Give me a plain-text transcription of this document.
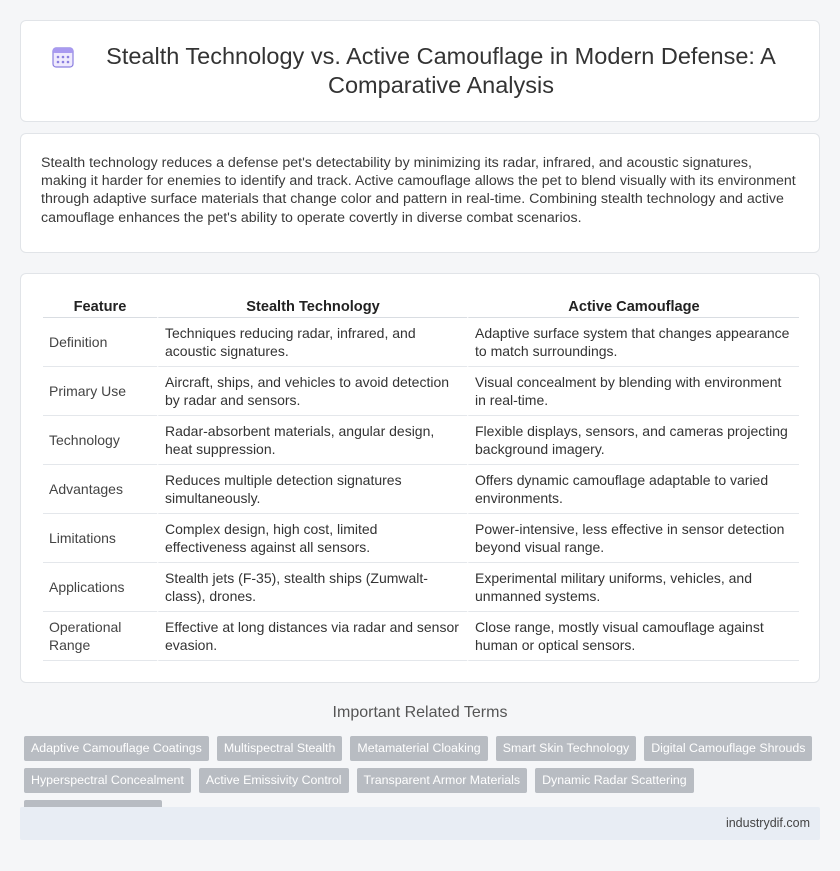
Stealth Technology vs. Active Camouflage in Modern Defense: A Comparative Analysis

Stealth technology reduces a defense pet's detectability by minimizing its radar, infrared, and acoustic signatures, making it harder for enemies to identify and track. Active camouflage allows the pet to blend visually with its environment through adaptive surface materials that change color and pattern in real-time. Combining stealth technology and active camouflage enhances the pet's ability to operate covertly in diverse combat scenarios.

Feature	Stealth Technology	Active Camouflage
Definition	Techniques reducing radar, infrared, and acoustic signatures.	Adaptive surface system that changes appearance to match surroundings.
Primary Use	Aircraft, ships, and vehicles to avoid detection by radar and sensors.	Visual concealment by blending with environment in real-time.
Technology	Radar-absorbent materials, angular design, heat suppression.	Flexible displays, sensors, and cameras projecting background imagery.
Advantages	Reduces multiple detection signatures simultaneously.	Offers dynamic camouflage adaptable to varied environments.
Limitations	Complex design, high cost, limited effectiveness against all sensors.	Power-intensive, less effective in sensor detection beyond visual range.
Applications	Stealth jets (F-35), stealth ships (Zumwalt-class), drones.	Experimental military uniforms, vehicles, and unmanned systems.
Operational Range	Effective at long distances via radar and sensor evasion.	Close range, mostly visual camouflage against human or optical sensors.
Important Related Terms
Adaptive Camouflage Coatings	Multispectral Stealth	Metamaterial Cloaking	Smart Skin Technology	Digital Camouflage Shrouds
Hyperspectral Concealment	Active Emissivity Control	Transparent Armor Materials	Dynamic Radar Scattering
industrydif.com
